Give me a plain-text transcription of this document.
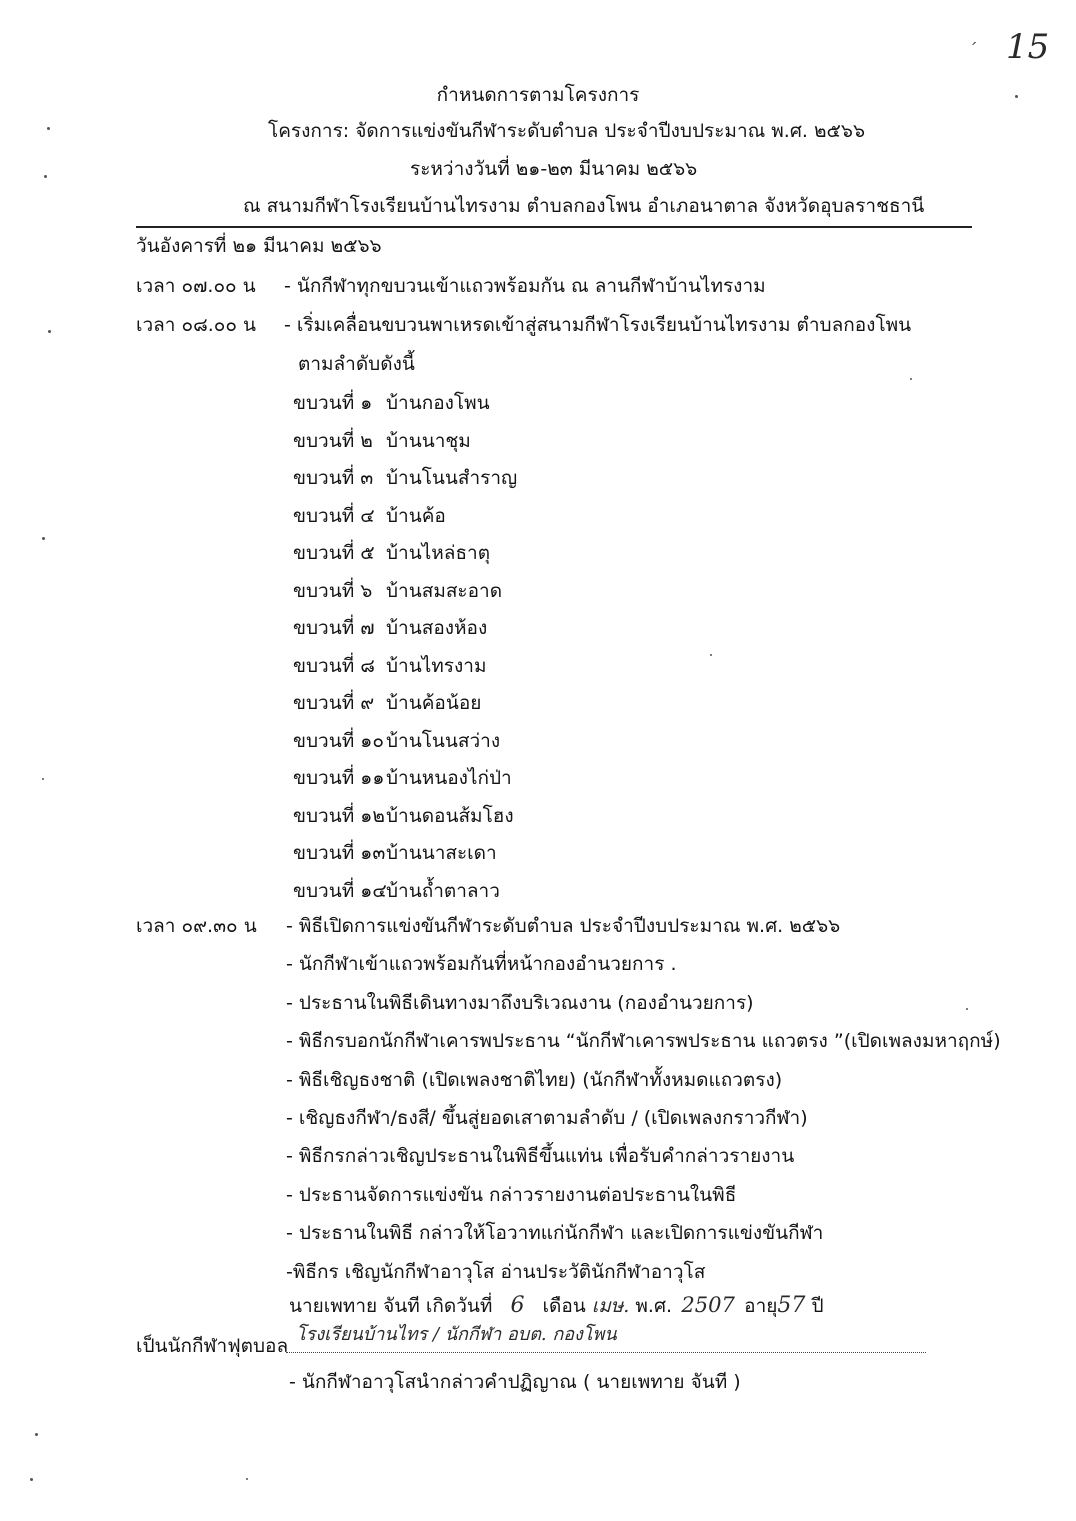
15
´
กำหนดการตามโครงการ
โครงการ: จัดการแข่งขันกีฬาระดับตำบล ประจำปีงบประมาณ พ.ศ. ๒๕๖๖
ระหว่างวันที่ ๒๑-๒๓ มีนาคม ๒๕๖๖
ณ สนามกีฬาโรงเรียนบ้านไทรงาม ตำบลกองโพน อำเภอนาตาล จังหวัดอุบลราชธานี
วันอังคารที่ ๒๑ มีนาคม ๒๕๖๖
เวลา ๐๗.๐๐ น - นักกีฬาทุกขบวนเข้าแถวพร้อมกัน ณ ลานกีฬาบ้านไทรงาม
เวลา ๐๘.๐๐ น - เริ่มเคลื่อนขบวนพาเหรดเข้าสู่สนามกีฬาโรงเรียนบ้านไทรงาม ตำบลกองโพน
ตามลำดับดังนี้
ขบวนที่ ๑ บ้านกองโพน
ขบวนที่ ๒ บ้านนาชุม
ขบวนที่ ๓ บ้านโนนสำราญ
ขบวนที่ ๔ บ้านค้อ
ขบวนที่ ๕ บ้านไหล่ธาตุ
ขบวนที่ ๖ บ้านสมสะอาด
ขบวนที่ ๗ บ้านสองห้อง
ขบวนที่ ๘ บ้านไทรงาม
ขบวนที่ ๙ บ้านค้อน้อย
ขบวนที่ ๑๐ บ้านโนนสว่าง
ขบวนที่ ๑๑ บ้านหนองไก่ป่า
ขบวนที่ ๑๒ บ้านดอนส้มโฮง
ขบวนที่ ๑๓ บ้านนาสะเดา
ขบวนที่ ๑๔ บ้านถ้ำตาลาว
เวลา ๐๙.๓๐ น - พิธีเปิดการแข่งขันกีฬาระดับตำบล ประจำปีงบประมาณ พ.ศ. ๒๕๖๖
- นักกีฬาเข้าแถวพร้อมกันที่หน้ากองอำนวยการ .
- ประธานในพิธีเดินทางมาถึงบริเวณงาน (กองอำนวยการ)
- พิธีกรบอกนักกีฬาเคารพประธาน “นักกีฬาเคารพประธาน แถวตรง ”(เปิดเพลงมหาฤกษ์)
- พิธีเชิญธงชาติ (เปิดเพลงชาติไทย) (นักกีฬาทั้งหมดแถวตรง)
- เชิญธงกีฬา/ธงสี/ ขึ้นสู่ยอดเสาตามลำดับ / (เปิดเพลงกราวกีฬา)
- พิธีกรกล่าวเชิญประธานในพิธีขึ้นแท่น เพื่อรับคำกล่าวรายงาน
- ประธานจัดการแข่งขัน กล่าวรายงานต่อประธานในพิธี
- ประธานในพิธี กล่าวให้โอวาทแก่นักกีฬา และเปิดการแข่งขันกีฬา
-พิธีกร เชิญนักกีฬาอาวุโส อ่านประวัตินักกีฬาอาวุโส
นายเพทาย จันที เกิดวันที่ 6 เดือน เมษ. พ.ศ. 2507 อายุ57 ปี
เป็นนักกีฬาฟุตบอล
โรงเรียนบ้านไทร / นักกีฬา อบต. กองโพน
- นักกีฬาอาวุโสนำกล่าวคำปฏิญาณ ( นายเพทาย จันที )
